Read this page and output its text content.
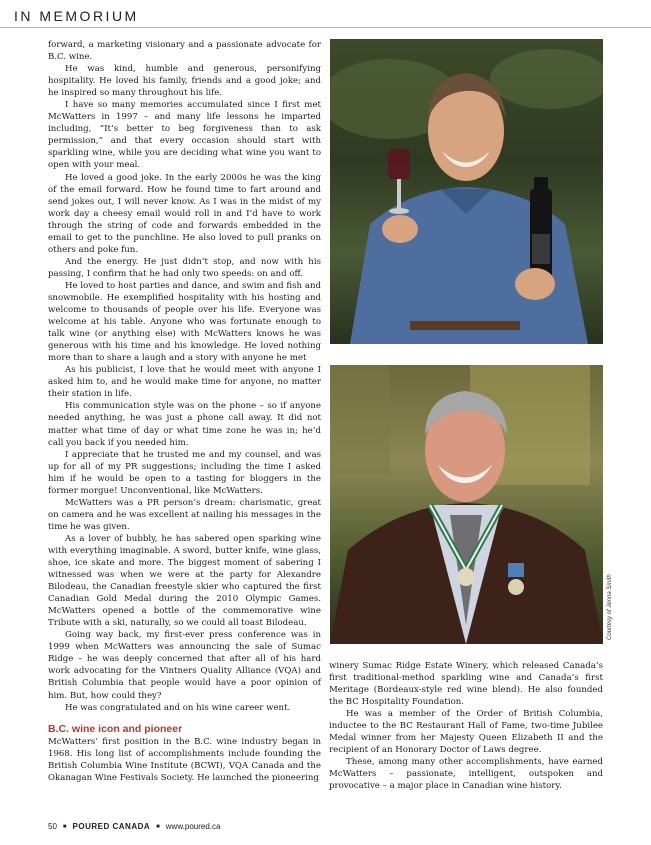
IN MEMORIUM

forward, a marketing visionary and a passionate advocate for B.C. wine.

He was kind, humble and generous, personifying hospitality. He loved his family, friends and a good joke; and he inspired so many throughout his life.

I have so many memories accumulated since I first met McWatters in 1997 – and many life lessons he imparted including, “It’s better to beg forgiveness than to ask permission,” and that every occasion should start with sparkling wine, while you are deciding what wine you want to open with your meal.

He loved a good joke. In the early 2000s he was the king of the email forward. How he found time to fart around and send jokes out, I will never know. As I was in the midst of my work day a cheesy email would roll in and I’d have to work through the string of code and forwards embedded in the email to get to the punchline. He also loved to pull pranks on others and poke fun.

And the energy. He just didn’t stop, and now with his passing, I confirm that he had only two speeds: on and off.

He loved to host parties and dance, and swim and fish and snowmobile. He exemplified hospitality with his hosting and welcome to thousands of people over his life. Everyone was welcome at his table. Anyone who was fortunate enough to talk wine (or anything else) with McWatters knows he was generous with his time and his knowledge. He loved nothing more than to share a laugh and a story with anyone he met

As his publicist, I love that he would meet with anyone I asked him to, and he would make time for anyone, no matter their station in life.

His communication style was on the phone – so if anyone needed anything, he was just a phone call away. It did not matter what time of day or what time zone he was in; he’d call you back if you needed him.

I appreciate that he trusted me and my counsel, and was up for all of my PR suggestions; including the time I asked him if he would be open to a tasting for bloggers in the former morgue! Unconventional, like McWatters.

McWatters was a PR person’s dream: charismatic, great on camera and he was excellent at nailing his messages in the time he was given.

As a lover of bubbly, he has sabered open sparking wine with everything imaginable. A sword, butter knife, wine glass, shoe, ice skate and more. The biggest moment of sabering I witnessed was when we were at the party for Alexandre Bilodeau, the Canadian freestyle skier who captured the first Canadian Gold Medal during the 2010 Olympic Games. McWatters opened a bottle of the commemorative wine Tribute with a ski, naturally, so we could all toast Bilodeau.

Going way back, my first-ever press conference was in 1999 when McWatters was announcing the sale of Sumac Ridge – he was deeply concerned that after all of his hard work advocating for the Vintners Quality Alliance (VQA) and British Columbia that people would have a poor opinion of him. But, how could they?

He was congratulated and on his wine career went.

B.C. wine icon and pioneer

McWatters’ first position in the B.C. wine industry began in 1968. His long list of accomplishments include founding the British Columbia Wine Institute (BCWI), VQA Canada and the Okanagan Wine Festivals Society. He launched the pioneering

Courtesy of Jenna Smith

winery Sumac Ridge Estate Winery, which released Canada’s first traditional-method sparkling wine and Canada’s first Meritage (Bordeaux-style red wine blend). He also founded the BC Hospitality Foundation.

He was a member of the Order of British Columbia, inductee to the BC Restaurant Hall of Fame, two-time Jubilee Medal winner from her Majesty Queen Elizabeth II and the recipient of an Honorary Doctor of Laws degree.

These, among many other accomplishments, have earned McWatters – passionate, intelligent, outspoken and provocative – a major place in Canadian wine history.

50 ■ POURED CANADA ■ www.poured.ca
